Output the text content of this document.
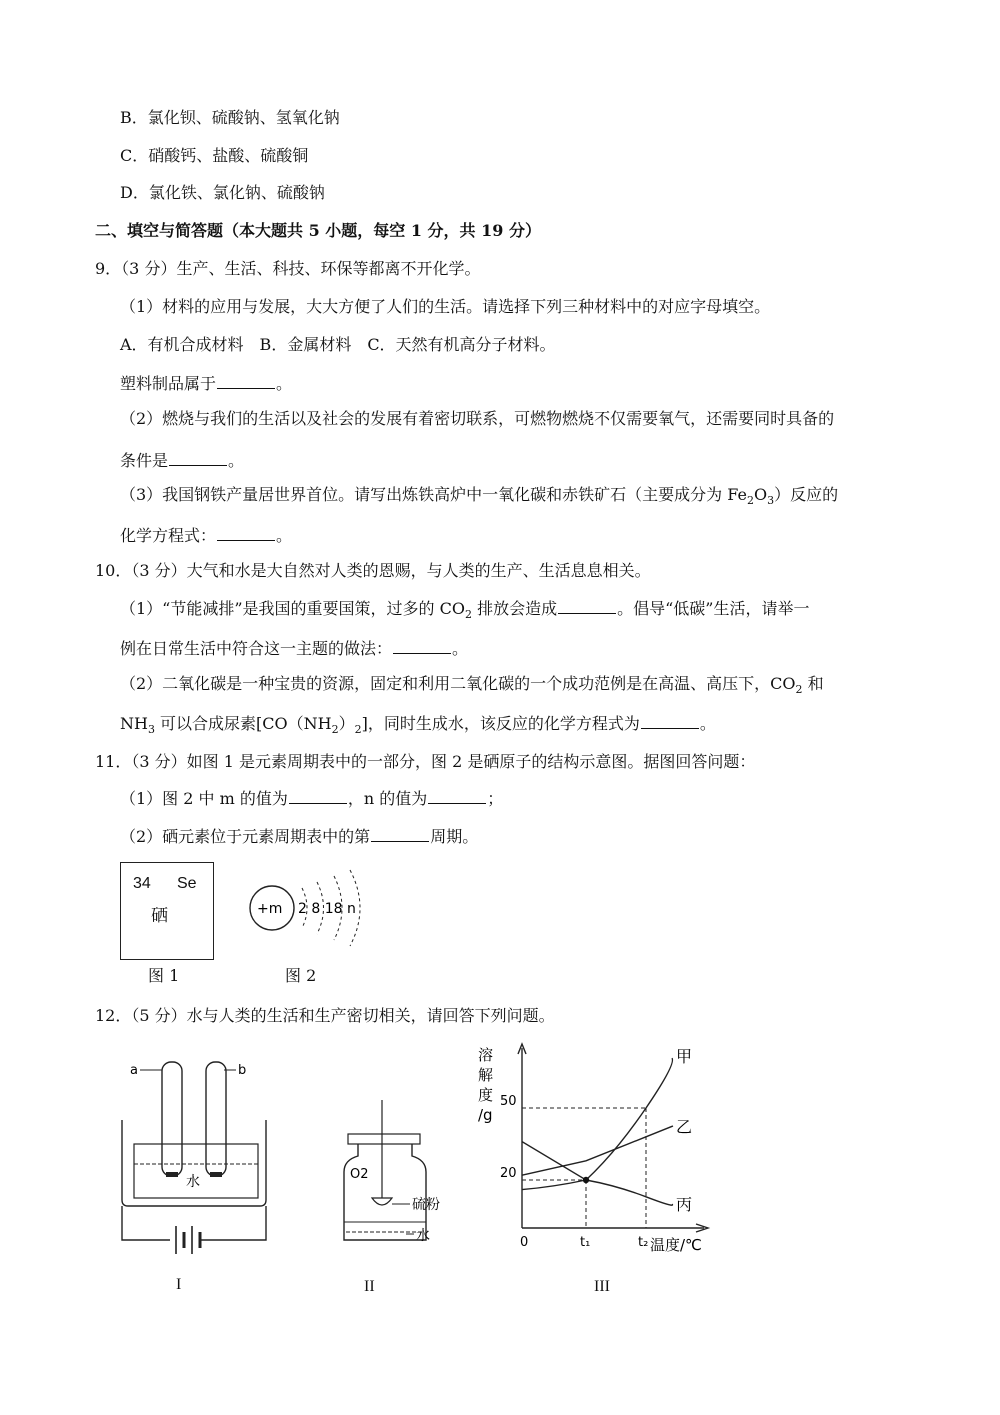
B．氯化钡、硫酸钠、氢氧化钠
C．硝酸钙、盐酸、硫酸铜
D．氯化铁、氯化钠、硫酸钠
二、填空与简答题（本大题共 5 小题，每空 1 分，共 19 分）
9．（3 分）生产、生活、科技、环保等都离不开化学。
（1）材料的应用与发展，大大方便了人们的生活。请选择下列三种材料中的对应字母填空。
A．有机合成材料　B．金属材料　C．天然有机高分子材料。
塑料制品属于	。
（2）燃烧与我们的生活以及社会的发展有着密切联系，可燃物燃烧不仅需要氧气，还需要同时具备的
条件是	。
（3）我国钢铁产量居世界首位。请写出炼铁高炉中一氧化碳和赤铁矿石（主要成分为 $Fe_2O_3$）反应的
化学方程式：	。
10．（3 分）大气和水是大自然对人类的恩赐，与人类的生产、生活息息相关。
（1）“节能减排”是我国的重要国策，过多的 $CO_2$ 排放会造成	。倡导“低碳”生活，请举一
例在日常生活中符合这一主题的做法：	。
（2）二氧化碳是一种宝贵的资源，固定和利用二氧化碳的一个成功范例是在高温、高压下，$CO_2$ 和
$NH_3$ 可以合成尿素$[CO(NH_2)_2]$，同时生成水，该反应的化学方程式为	。
11．（3 分）如图 1 是元素周期表中的一部分，图 2 是硒原子的结构示意图。据图回答问题：
（1）图 2 中 m 的值为	，n 的值为	；
（2）硒元素位于元素周期表中的第	周期。
34 Se
硒
图 1
+m 2 8 18 n
图 2
12．（5 分）水与人类的生活和生产密切相关，请回答下列问题。
a	b
水
I
O2
硫粉
水
II
溶
解
度
/g
50
20
0	t₁	t₂ 温度/℃
甲
乙
丙
III
